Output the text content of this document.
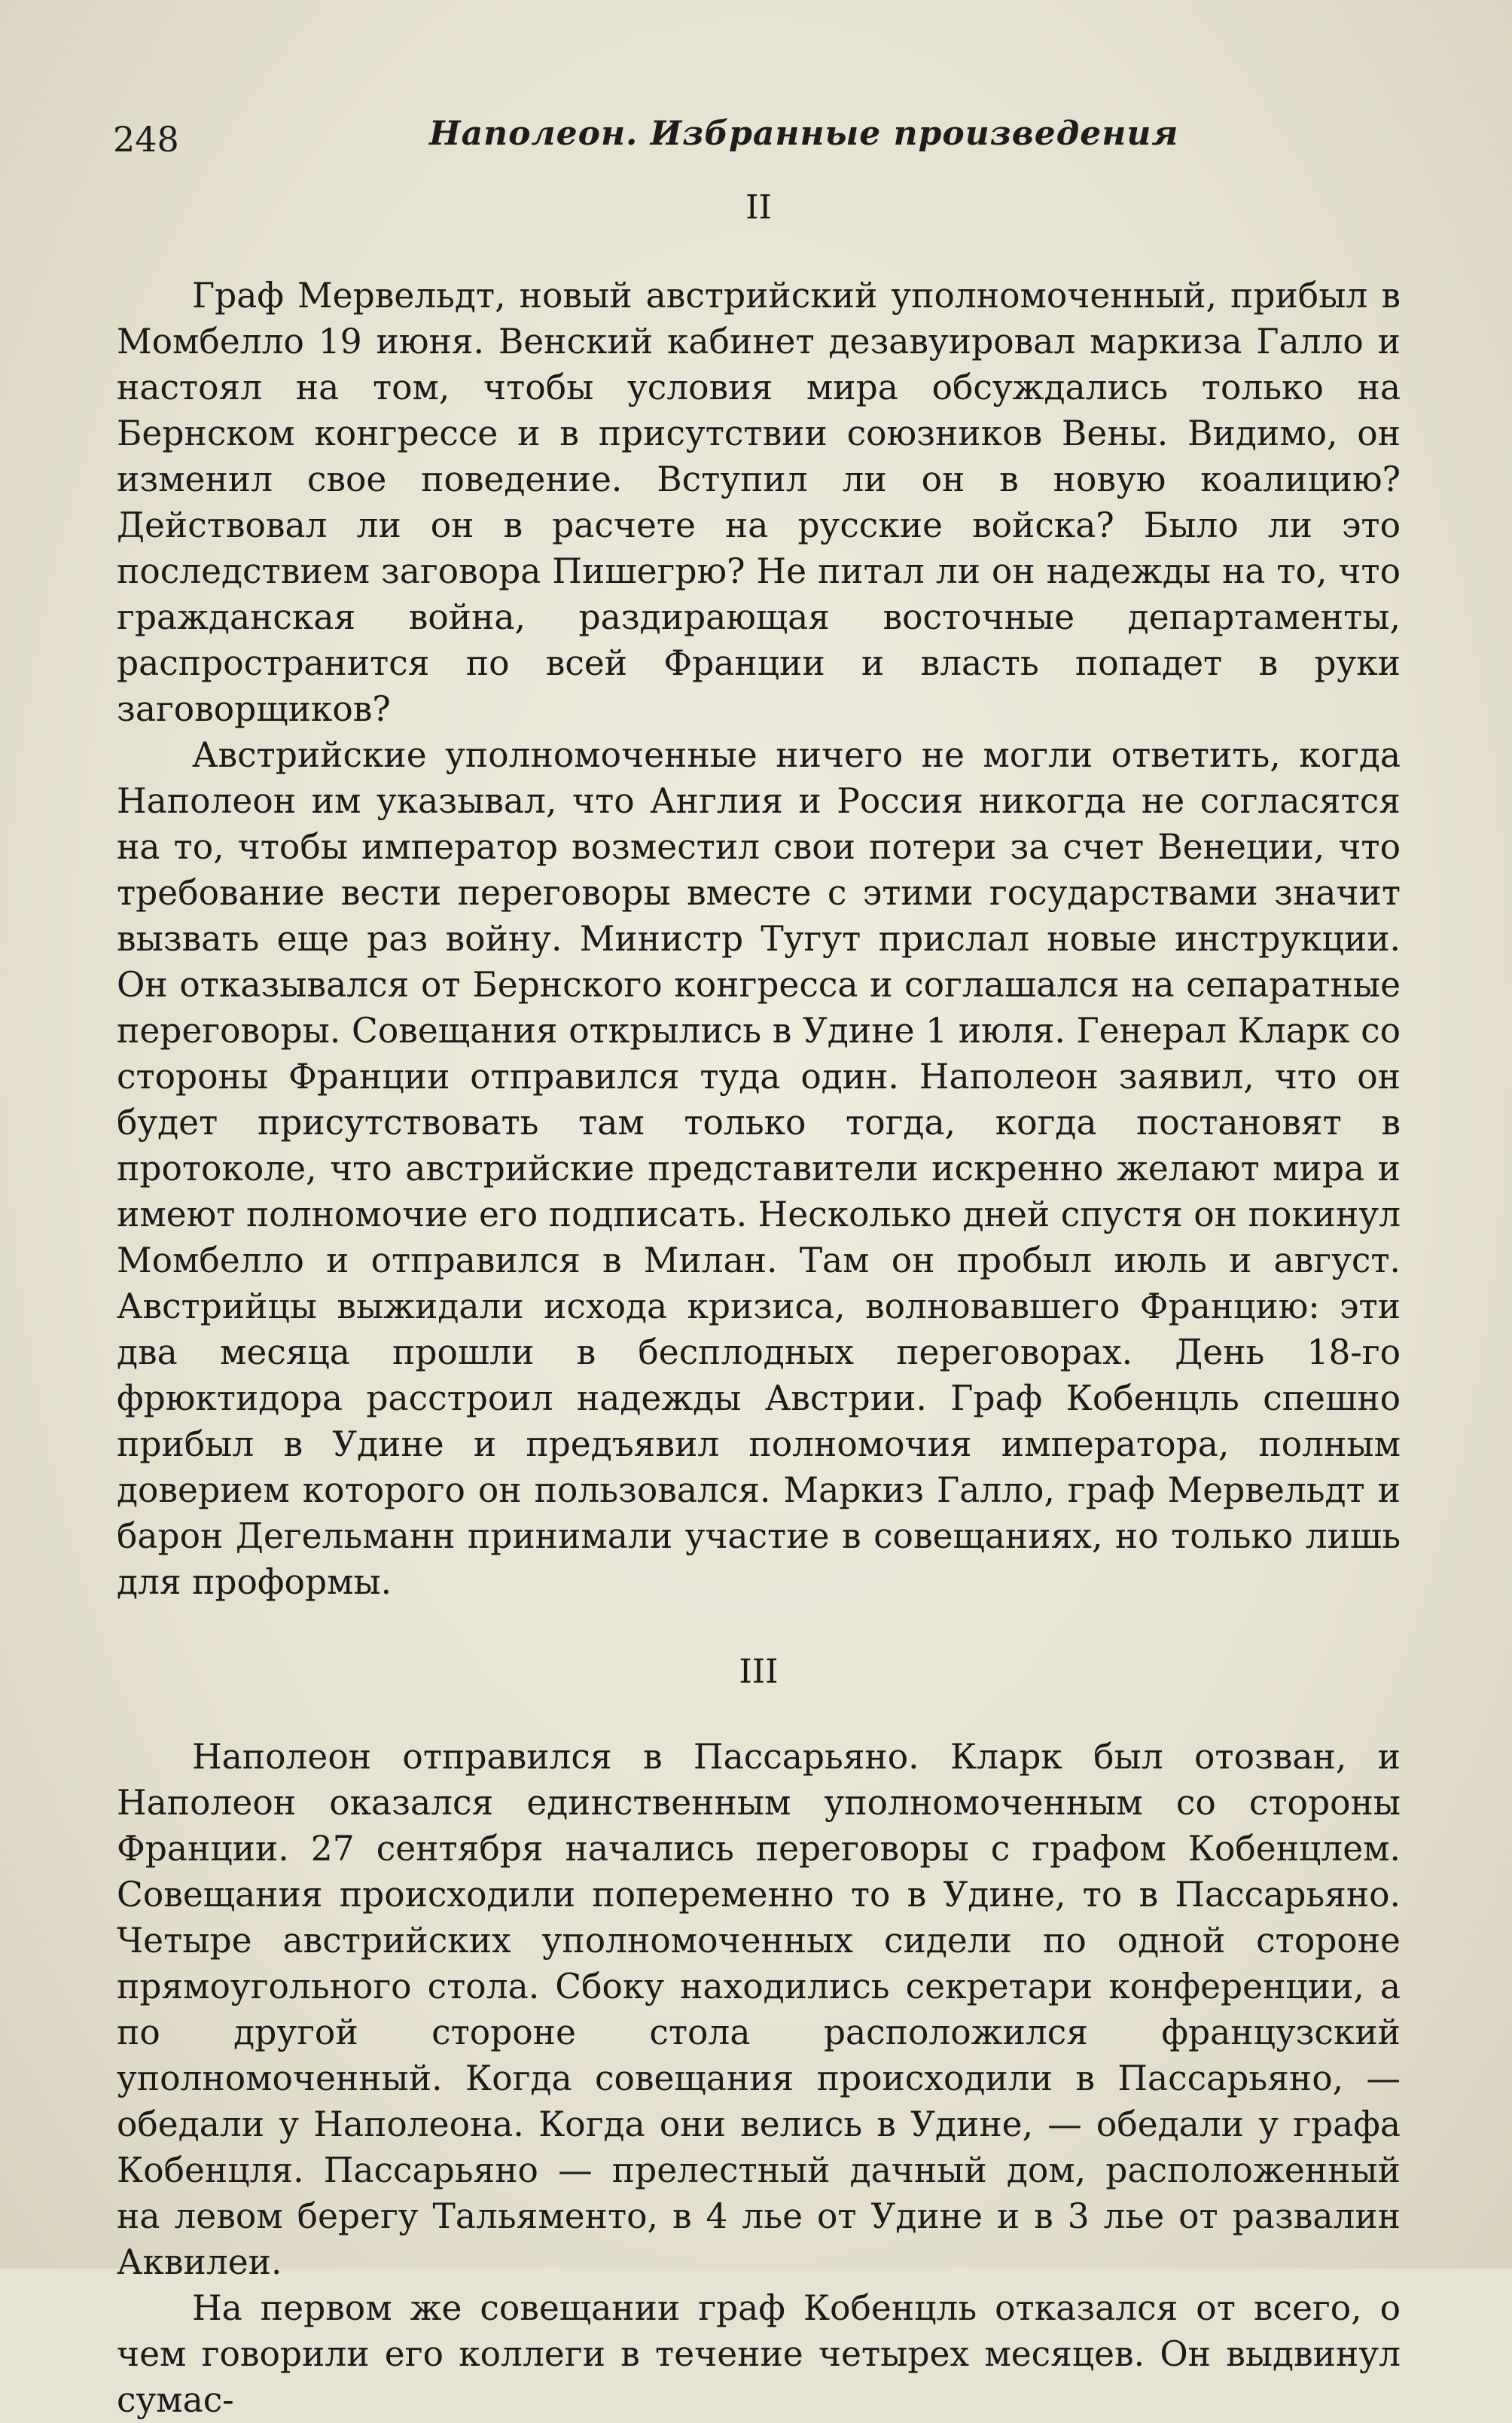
248	Наполеон. Избранные произведения
II

Граф Мервельдт, новый австрийский уполномоченный, прибыл в Момбелло 19 июня. Венский кабинет дезавуировал маркиза Галло и настоял на том, чтобы условия мира обсуждались только на Бернском конгрессе и в присутствии союзников Вены. Видимо, он изменил свое поведение. Вступил ли он в новую коалицию? Действовал ли он в расчете на русские войска? Было ли это последствием заговора Пишегрю? Не питал ли он надежды на то, что гражданская война, раздирающая восточные департаменты, распространится по всей Франции и власть попадет в руки заговорщиков?

Австрийские уполномоченные ничего не могли ответить, когда Наполеон им указывал, что Англия и Россия никогда не согласятся на то, чтобы император возместил свои потери за счет Венеции, что требование вести переговоры вместе с этими государствами значит вызвать еще раз войну. Министр Тугут прислал новые инструкции. Он отказывался от Бернского конгресса и соглашался на сепаратные переговоры. Совещания открылись в Удине 1 июля. Генерал Кларк со стороны Франции отправился туда один. Наполеон заявил, что он будет присутствовать там только тогда, когда постановят в протоколе, что австрийские представители искренно желают мира и имеют полномочие его подписать. Несколько дней спустя он покинул Момбелло и отправился в Милан. Там он пробыл июль и август. Австрийцы выжидали исхода кризиса, волновавшего Францию: эти два месяца прошли в бесплодных переговорах. День 18-го фрюктидора расстроил надежды Австрии. Граф Кобенцль спешно прибыл в Удине и предъявил полномочия императора, полным доверием которого он пользовался. Маркиз Галло, граф Мервельдт и барон Дегельманн принимали участие в совещаниях, но только лишь для проформы.

III

Наполеон отправился в Пассарьяно. Кларк был отозван, и Наполеон оказался единственным уполномоченным со стороны Франции. 27 сентября начались переговоры с графом Кобенцлем. Совещания происходили попеременно то в Удине, то в Пассарьяно. Четыре австрийских уполномоченных сидели по одной стороне прямоугольного стола. Сбоку находились секретари конференции, а по другой стороне стола расположился французский уполномоченный. Когда совещания происходили в Пассарьяно, — обедали у Наполеона. Когда они велись в Удине, — обедали у графа Кобенцля. Пассарьяно — прелестный дачный дом, расположенный на левом берегу Тальяменто, в 4 лье от Удине и в 3 лье от развалин Аквилеи.

На первом же совещании граф Кобенцль отказался от всего, о чем говорили его коллеги в течение четырех месяцев. Он выдвинул сумас-
